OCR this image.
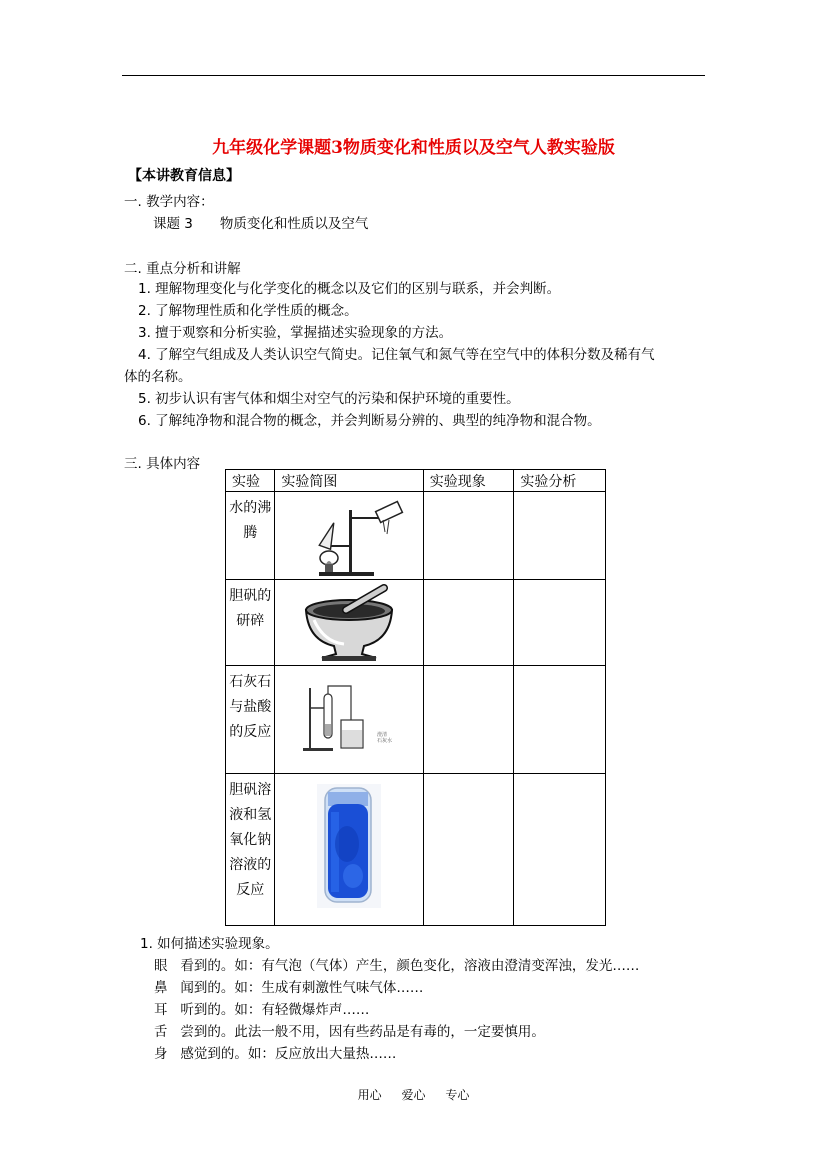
九年级化学课题3物质变化和性质以及空气人教实验版
【本讲教育信息】
一. 教学内容：
课题 3　　物质变化和性质以及空气
二. 重点分析和讲解
1. 理解物理变化与化学变化的概念以及它们的区别与联系，并会判断。
2. 了解物理性质和化学性质的概念。
3. 擅于观察和分析实验，掌握描述实验现象的方法。
4. 了解空气组成及人类认识空气简史。记住氧气和氮气等在空气中的体积分数及稀有气
体的名称。
5. 初步认识有害气体和烟尘对空气的污染和保护环境的重要性。
6. 了解纯净物和混合物的概念，并会判断易分辨的、典型的纯净物和混合物。
三. 具体内容
实验	实验简图	实验现象	实验分析
水的沸腾	

胆矾的研碎	

石灰石与盐酸的反应	澄清
石灰水		

胆矾溶液和氢氧化钠溶液的反应	

1. 如何描述实验现象。
眼 看到的。如：有气泡（气体）产生，颜色变化，溶液由澄清变浑浊，发光……
鼻 闻到的。如：生成有刺激性气味气体……
耳 听到的。如：有轻微爆炸声……
舌 尝到的。此法一般不用，因有些药品是有毒的，一定要慎用。
身 感觉到的。如：反应放出大量热……
用心 爱心 专心
